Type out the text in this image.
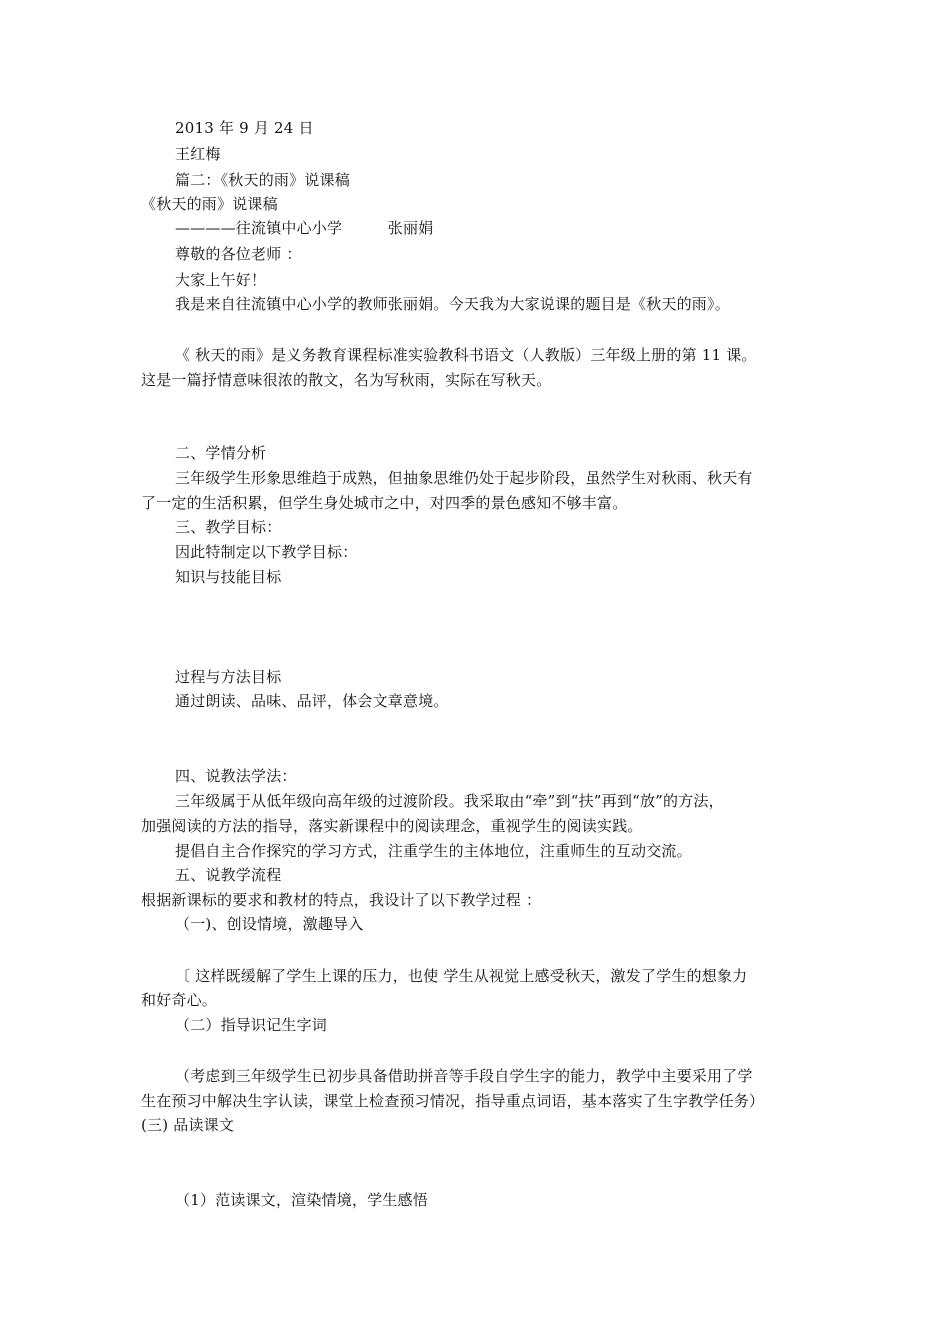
2013 年 9 月 24 日
王红梅
篇二：《秋天的雨》说课稿
《秋天的雨》说课稿
————往流镇中心小学　　　张丽娟
尊敬的各位老师 ：
大家上午好！
我是来自往流镇中心小学的教师张丽娟。今天我为大家说课的题目是《秋天的雨》。
《 秋天的雨》是义务教育课程标准实验教科书语文（人教版）三年级上册的第 11 课。
这是一篇抒情意味很浓的散文，名为写秋雨，实际在写秋天。
二、学情分析
三年级学生形象思维趋于成熟，但抽象思维仍处于起步阶段，虽然学生对秋雨、秋天有
了一定的生活积累，但学生身处城市之中，对四季的景色感知不够丰富。
三、教学目标：
因此特制定以下教学目标：
知识与技能目标
过程与方法目标
通过朗读、品味、品评，体会文章意境。
四、说教法学法：
三年级属于从低年级向高年级的过渡阶段。我采取由“牵”到“扶”再到“放”的方法，
加强阅读的方法的指导，落实新课程中的阅读理念，重视学生的阅读实践。
提倡自主合作探究的学习方式，注重学生的主体地位，注重师生的互动交流。
五、说教学流程
根据新课标的要求和教材的特点，我设计了以下教学过程 ：
（一)、创设情境，激趣导入
〔 这样既缓解了学生上课的压力，也使 学生从视觉上感受秋天，激发了学生的想象力
和好奇心。
（二）指导识记生字词
（考虑到三年级学生已初步具备借助拼音等手段自学生字的能力，教学中主要采用了学
生在预习中解决生字认读，课堂上检查预习情况，指导重点词语，基本落实了生字教学任务）
(三) 品读课文
（1）范读课文，渲染情境，学生感悟
